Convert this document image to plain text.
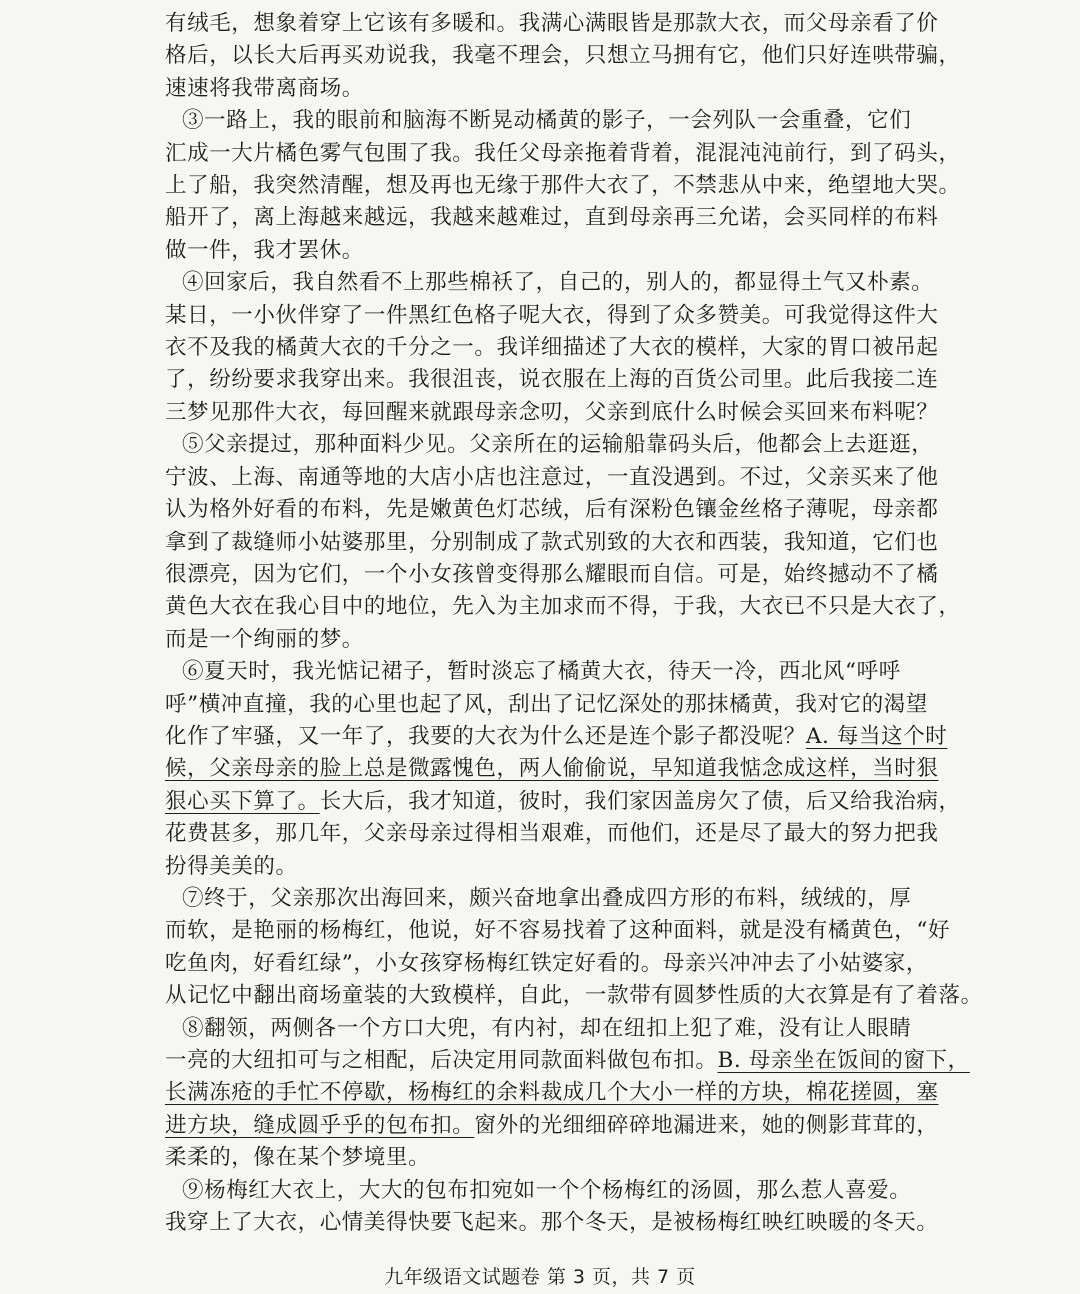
有绒毛，想象着穿上它该有多暖和。我满心满眼皆是那款大衣，而父母亲看了价
格后，以长大后再买劝说我，我毫不理会，只想立马拥有它，他们只好连哄带骗，
速速将我带离商场。
③一路上，我的眼前和脑海不断晃动橘黄的影子，一会列队一会重叠，它们
汇成一大片橘色雾气包围了我。我任父母亲拖着背着，混混沌沌前行，到了码头，
上了船，我突然清醒，想及再也无缘于那件大衣了，不禁悲从中来，绝望地大哭。
船开了，离上海越来越远，我越来越难过，直到母亲再三允诺，会买同样的布料
做一件，我才罢休。
④回家后，我自然看不上那些棉袄了，自己的，别人的，都显得土气又朴素。
某日，一小伙伴穿了一件黑红色格子呢大衣，得到了众多赞美。可我觉得这件大
衣不及我的橘黄大衣的千分之一。我详细描述了大衣的模样，大家的胃口被吊起
了，纷纷要求我穿出来。我很沮丧，说衣服在上海的百货公司里。此后我接二连
三梦见那件大衣，每回醒来就跟母亲念叨，父亲到底什么时候会买回来布料呢？
⑤父亲提过，那种面料少见。父亲所在的运输船靠码头后，他都会上去逛逛，
宁波、上海、南通等地的大店小店也注意过，一直没遇到。不过，父亲买来了他
认为格外好看的布料，先是嫩黄色灯芯绒，后有深粉色镶金丝格子薄呢，母亲都
拿到了裁缝师小姑婆那里，分别制成了款式别致的大衣和西装，我知道，它们也
很漂亮，因为它们，一个小女孩曾变得那么耀眼而自信。可是，始终撼动不了橘
黄色大衣在我心目中的地位，先入为主加求而不得，于我，大衣已不只是大衣了，
而是一个绚丽的梦。
⑥夏天时，我光惦记裙子，暂时淡忘了橘黄大衣，待天一冷，西北风“呼呼
呼”横冲直撞，我的心里也起了风，刮出了记忆深处的那抹橘黄，我对它的渴望
化作了牢骚，又一年了，我要的大衣为什么还是连个影子都没呢？A. 每当这个时
候，父亲母亲的脸上总是微露愧色，两人偷偷说，早知道我惦念成这样，当时狠
狠心买下算了。长大后，我才知道，彼时，我们家因盖房欠了债，后又给我治病，
花费甚多，那几年，父亲母亲过得相当艰难，而他们，还是尽了最大的努力把我
扮得美美的。
⑦终于，父亲那次出海回来，颇兴奋地拿出叠成四方形的布料，绒绒的，厚
而软，是艳丽的杨梅红，他说，好不容易找着了这种面料，就是没有橘黄色，“好
吃鱼肉，好看红绿”，小女孩穿杨梅红铁定好看的。母亲兴冲冲去了小姑婆家，
从记忆中翻出商场童装的大致模样，自此，一款带有圆梦性质的大衣算是有了着落。
⑧翻领，两侧各一个方口大兜，有内衬，却在纽扣上犯了难，没有让人眼睛
一亮的大纽扣可与之相配，后决定用同款面料做包布扣。B. 母亲坐在饭间的窗下，
长满冻疮的手忙不停歇，杨梅红的余料裁成几个大小一样的方块，棉花搓圆，塞
进方块，缝成圆乎乎的包布扣。窗外的光细细碎碎地漏进来，她的侧影茸茸的，
柔柔的，像在某个梦境里。
⑨杨梅红大衣上，大大的包布扣宛如一个个杨梅红的汤圆，那么惹人喜爱。
我穿上了大衣，心情美得快要飞起来。那个冬天，是被杨梅红映红映暖的冬天。
九年级语文试题卷 第 3 页，共 7 页
